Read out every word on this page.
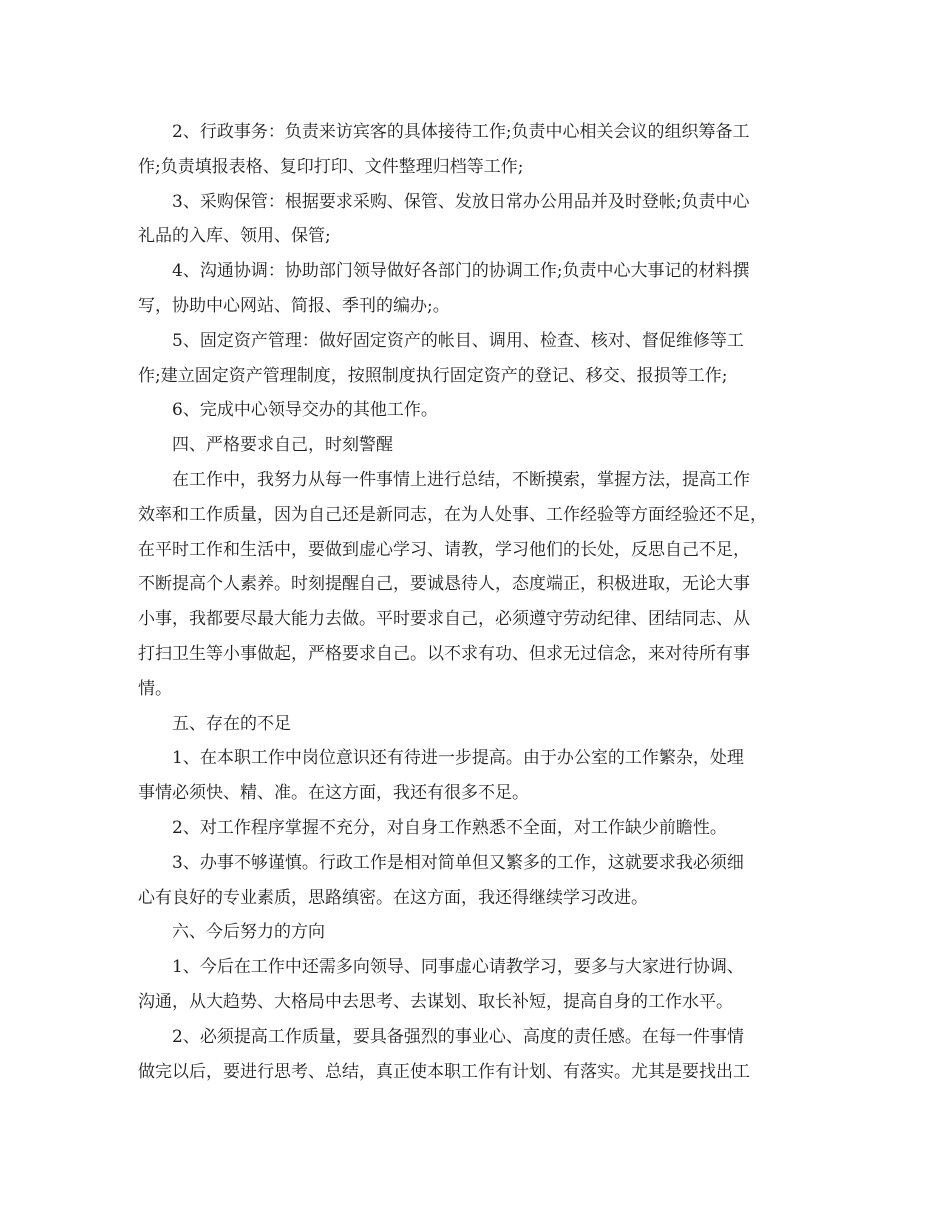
2、行政事务：负责来访宾客的具体接待工作;负责中心相关会议的组织筹备工
作;负责填报表格、复印打印、文件整理归档等工作;
3、采购保管：根据要求采购、保管、发放日常办公用品并及时登帐;负责中心
礼品的入库、领用、保管;
4、沟通协调：协助部门领导做好各部门的协调工作;负责中心大事记的材料撰
写，协助中心网站、简报、季刊的编办;。
5、固定资产管理：做好固定资产的帐目、调用、检查、核对、督促维修等工
作;建立固定资产管理制度，按照制度执行固定资产的登记、移交、报损等工作;
6、完成中心领导交办的其他工作。
四、严格要求自己，时刻警醒
在工作中，我努力从每一件事情上进行总结，不断摸索，掌握方法，提高工作
效率和工作质量，因为自己还是新同志，在为人处事、工作经验等方面经验还不足，
在平时工作和生活中，要做到虚心学习、请教，学习他们的长处，反思自己不足，
不断提高个人素养。时刻提醒自己，要诚恳待人，态度端正，积极进取，无论大事
小事，我都要尽最大能力去做。平时要求自己，必须遵守劳动纪律、团结同志、从
打扫卫生等小事做起，严格要求自己。以不求有功、但求无过信念，来对待所有事
情。
五、存在的不足
1、在本职工作中岗位意识还有待进一步提高。由于办公室的工作繁杂，处理
事情必须快、精、准。在这方面，我还有很多不足。
2、对工作程序掌握不充分，对自身工作熟悉不全面，对工作缺少前瞻性。
3、办事不够谨慎。行政工作是相对简单但又繁多的工作，这就要求我必须细
心有良好的专业素质，思路缜密。在这方面，我还得继续学习改进。
六、今后努力的方向
1、今后在工作中还需多向领导、同事虚心请教学习，要多与大家进行协调、
沟通，从大趋势、大格局中去思考、去谋划、取长补短，提高自身的工作水平。
2、必须提高工作质量，要具备强烈的事业心、高度的责任感。在每一件事情
做完以后，要进行思考、总结，真正使本职工作有计划、有落实。尤其是要找出工
